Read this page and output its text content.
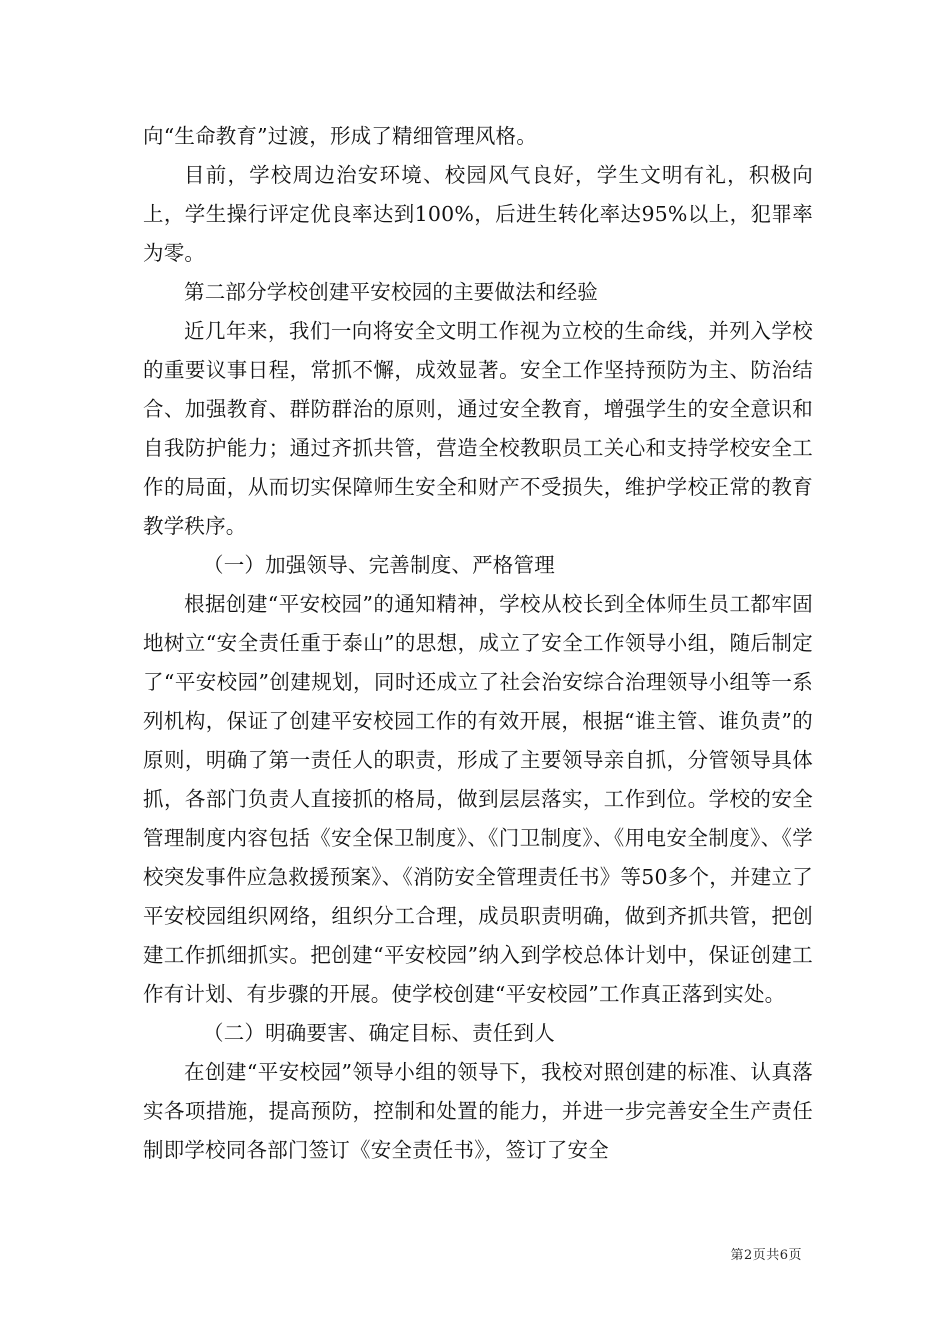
向“生命教育”过渡，形成了精细管理风格。

目前，学校周边治安环境、校园风气良好，学生文明有礼，积极向上，学生操行评定优良率达到100%，后进生转化率达95%以上，犯罪率为零。

第二部分学校创建平安校园的主要做法和经验

近几年来，我们一向将安全文明工作视为立校的生命线，并列入学校的重要议事日程，常抓不懈，成效显著。安全工作坚持预防为主、防治结合、加强教育、群防群治的原则，通过安全教育，增强学生的安全意识和自我防护能力；通过齐抓共管，营造全校教职员工关心和支持学校安全工作的局面，从而切实保障师生安全和财产不受损失，维护学校正常的教育教学秩序。

（一）加强领导、完善制度、严格管理

根据创建“平安校园”的通知精神，学校从校长到全体师生员工都牢固地树立“安全责任重于泰山”的思想，成立了安全工作领导小组，随后制定了“平安校园”创建规划，同时还成立了社会治安综合治理领导小组等一系列机构，保证了创建平安校园工作的有效开展，根据“谁主管、谁负责”的原则，明确了第一责任人的职责，形成了主要领导亲自抓，分管领导具体抓，各部门负责人直接抓的格局，做到层层落实，工作到位。学校的安全管理制度内容包括《安全保卫制度》、《门卫制度》、《用电安全制度》、《学校突发事件应急救援预案》、《消防安全管理责任书》等50多个，并建立了平安校园组织网络，组织分工合理，成员职责明确，做到齐抓共管，把创建工作抓细抓实。把创建“平安校园”纳入到学校总体计划中，保证创建工作有计划、有步骤的开展。使学校创建“平安校园”工作真正落到实处。

（二）明确要害、确定目标、责任到人

在创建“平安校园”领导小组的领导下，我校对照创建的标准、认真落实各项措施，提高预防，控制和处置的能力，并进一步完善安全生产责任制即学校同各部门签订《安全责任书》，签订了安全

第2页共6页
